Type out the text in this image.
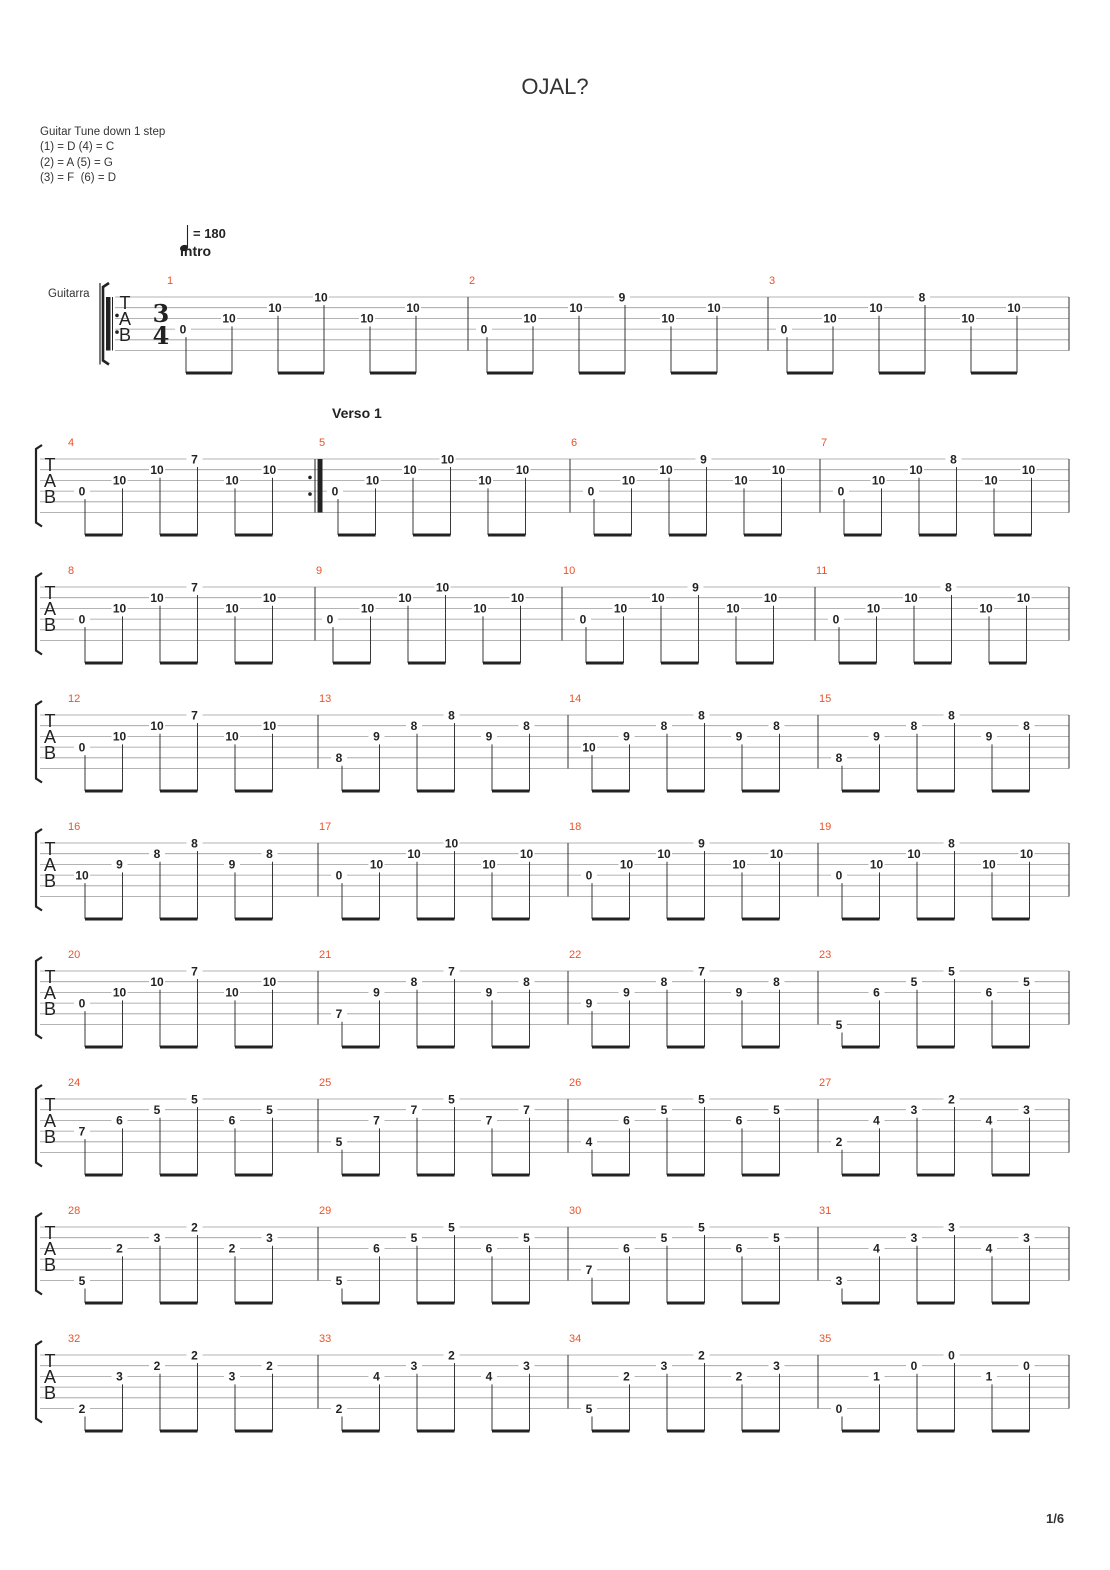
OJAL?
Guitar Tune down 1 step
(1) = D (4) = C
(2) = A (5) = G
(3) = F  (6) = D
Guitarra T
A
B
3
4
= 180
1
Intro
0
10
10
10
10
10
2
0
10
10
9
10
10
3
0
10
10
8
10
10
T
A
B
4
0
10
10
7
10
10
5
Verso 1
0
10
10
10
10
10
6
0
10
10
9
10
10
7
0
10
10
8
10
10
T
A
B
8
0
10
10
7
10
10
9
0
10
10
10
10
10
10
0
10
10
9
10
10
11
0
10
10
8
10
10
T
A
B
12
0
10
10
7
10
10
13
8
9
8
8
9
8
14
10
9
8
8
9
8
15
8
9
8
8
9
8
T
A
B
16
10
9
8
8
9
8
17
0
10
10
10
10
10
18
0
10
10
9
10
10
19
0
10
10
8
10
10
T
A
B
20
0
10
10
7
10
10
21
7
9
8
7
9
8
22
9
9
8
7
9
8
23
5
6
5
5
6
5
T
A
B
24
7
6
5
5
6
5
25
5
7
7
5
7
7
26
4
6
5
5
6
5
27
2
4
3
2
4
3
T
A
B
28
5
2
3
2
2
3
29
5
6
5
5
6
5
30
7
6
5
5
6
5
31
3
4
3
3
4
3
T
A
B
32
2
3
2
2
3
2
33
2
4
3
2
4
3
34
5
2
3
2
2
3
35
0
1
0
0
1
0
1/6
